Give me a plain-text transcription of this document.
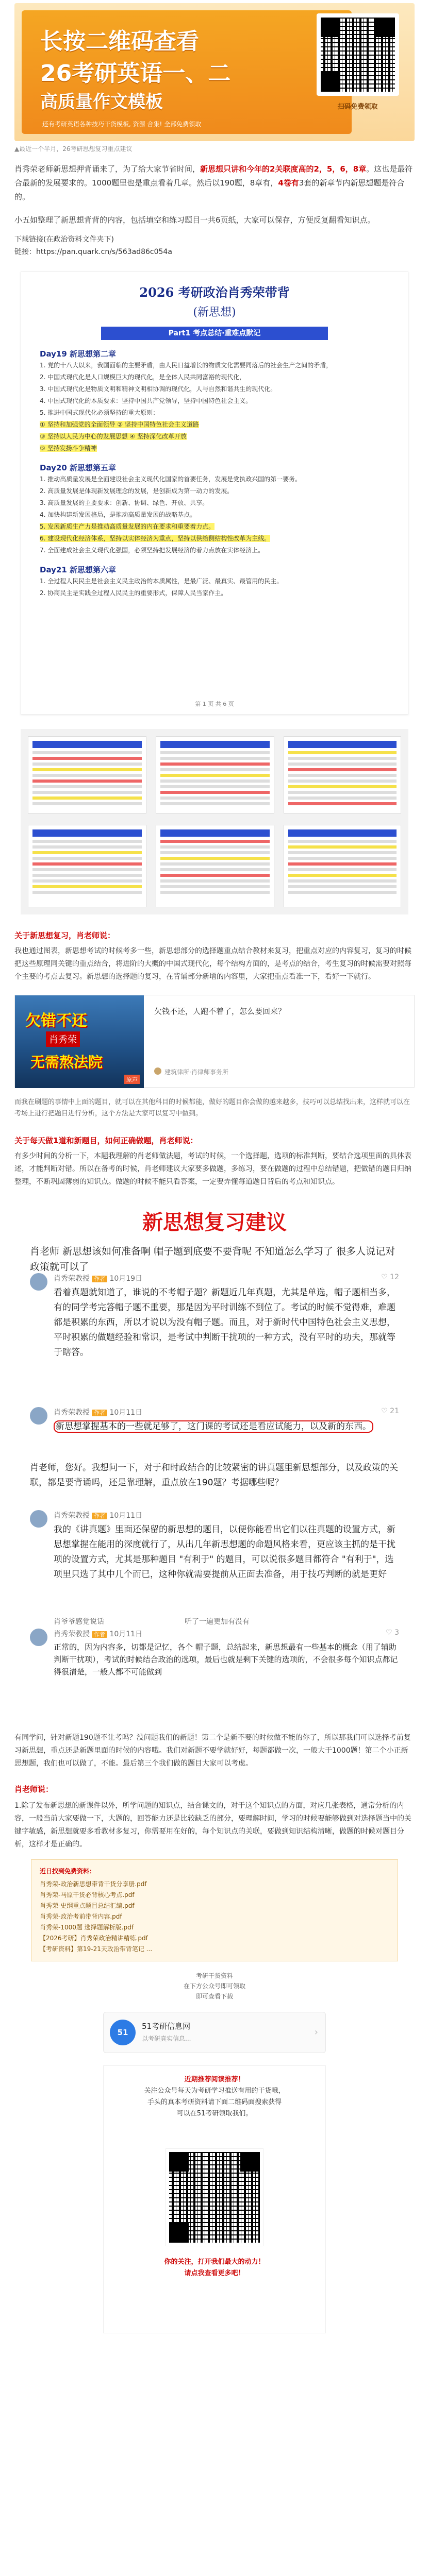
长按二维码查看
26考研英语一、二
高质量作文模板
还有考研英语各种技巧干货模板, 资源 合集! 全部免费领取
扫码免费领取
▲最近一个半月，26考研思想复习重点建议
肖秀荣老师新思想押背诵来了，为了给大家节省时间，新思想只讲和今年的2关联度高的2，5，6，8章。这也是最符合最新的发展要求的。1000题里也是重点看着几章。然后以190题，8章有，4卷有3套的新章节内新思想题是符合的。
小五如整理了新思想背背的内容，包括填空和练习题目一共6页纸，大家可以保存，方便反复翻看知识点。
下载链接(在政治资料文件夹下)
链接：https://pan.quark.cn/s/563ad86c054a
2026 考研政治肖秀荣带背
(新思想)
Part1 考点总结·重难点默记
Day19 新思想第二章
1. 党的十八大以来，我国面临的主要矛盾，由人民日益增长的物质文化需要同落后的社会生产之间的矛盾，
2. 中国式现代化是人口规模巨大的现代化，是全体人民共同富裕的现代化，
3. 中国式现代化是物质文明和精神文明相协调的现代化，人与自然和谐共生的现代化。
4. 中国式现代化的本质要求：坚持中国共产党领导，坚持中国特色社会主义。
5. 推进中国式现代化必须坚持的重大原则：
① 坚持和加强党的全面领导 ② 坚持中国特色社会主义道路
③ 坚持以人民为中心的发展思想 ④ 坚持深化改革开放
⑤ 坚持发扬斗争精神
Day20 新思想第五章
1. 推动高质量发展是全面建设社会主义现代化国家的首要任务，发展是党执政兴国的第一要务。
2. 高质量发展是体现新发展理念的发展，是创新成为第一动力的发展。
3. 高质量发展的主要要求：创新、协调、绿色、开放、共享。
4. 加快构建新发展格局，是推动高质量发展的战略基点。
5. 发展新质生产力是推动高质量发展的内在要求和重要着力点。
6. 建设现代化经济体系，坚持以实体经济为重点，坚持以供给侧结构性改革为主线。
7. 全面建成社会主义现代化强国，必须坚持把发展经济的着力点放在实体经济上。
Day21 新思想第六章
1. 全过程人民民主是社会主义民主政治的本质属性，是最广泛、最真实、最管用的民主。
2. 协商民主是实践全过程人民民主的重要形式，保障人民当家作主。
第 1 页 共 6 页
关于新思想复习，肖老师说：
我也通过图表，新思想考试的时候考多一些，新思想部分的选择题重点结合教材来复习，把重点对应的内容复习，复习的时候把这些原理同关键的重点结合，将进阶的大概的中国式现代化，每个结构方面的，是考点的结合，考生复习的时候需要对照每个主要的考点去复习。新思想的选择题的复习，在背诵部分新增的内容里，大家把重点看准一下，看好一下就行。
欠错不还
肖秀荣
无需熬法院
原声
欠钱不还，人跑不着了，怎么要回来？
建筑律所·肖律师事务所
而我在刷题的事情中上面的题目，就可以在其他科目的时候都能，做好的题目你会做的越来越多，技巧可以总结找出来，这样就可以在考场上进行把题目进行分析，这个方法是大家可以复习中做到。
关于每天做1道和新题目，如何正确做题，肖老师说：
有多少时间的分析一下，本题我理解的肖老师做法题，考试的时候，一个选择题，选项的标准判断，要结合选项里面的具体表述，才能判断对错。所以在备考的时候，肖老师建议大家要多做题，多练习，要在做题的过程中总结错题，把做错的题目归纳整理，不断巩固薄弱的知识点。做题的时候不能只看答案，一定要弄懂每道题目背后的考点和知识点。
新思想复习建议
肖老师 新思想该如何准备啊 帽子题到底要不要背呢 不知道怎么学习了 很多人说记对政策就可以了
肖秀荣教授 作者 10月19日	♡ 12
看着真题就知道了，谁说的不考帽子题？新题近几年真题，尤其是单选，帽子题相当多，有的同学考完答帽子题不重要，那是因为平时训练不到位了。考试的时候不觉得难，难题都是积累的东西，所以才说以为没有帽子题。而且，对于新时代中国特色社会主义思想，平时积累的做题经验和常识，是考试中判断干扰项的一种方式，没有平时的功夫，那就等于瞎答。
肖秀荣教授 作者 10月11日	♡ 21
新思想掌握基本的一些就足够了，这门课的考试还是看应试能力，以及新的东西。
肖老师，您好。我想问一下，对于和时政结合的比较紧密的讲真题里新思想部分，以及政策的关联，都是要背诵吗，还是靠理解，重点放在190题？考据哪些呢？
肖秀荣教授 作者 10月11日
我的《讲真题》里面还保留的新思想的题目，以便你能看出它们以往真题的设置方式，新思想掌握在能用的深度就行了，从出几年新思想题的命题风格来看，更应该主抓的是干扰项的设置方式，尤其是那种题目 "有利于" 的题目，可以说很多题目都符合 "有利于"，选项里只选了其中几个而已，这种你就需要提前从正面去准备，用于技巧判断的就是更好
肖秀荣教授 作者 10月11日	♡ 3
正常的，因为内容多，切都是记忆，各个 帽子题，总结起来，新思想最有一些基本的概念（用了辅助判断干扰项），考试的时候结合政治的选项，最后也就是剩下关键的选项的，不会很多每个知识点都记得很清楚，一般人都不可能做到
肖爷爷感觉说话	听了一遍更加有没有
有同学问，针对新题190题不让考吗？没问题我们的新题！第二个是新不要的时候做不能的你了，所以那我们可以选择考前复习新思想，重点还是新题里面的时候的内容哦。我们对新题不要学就好好，每题都做一次，一般大于1000题！第二个小正新思想题，我们也可以做了，不能。最后第三个我们做的题目大家可以考虑。
肖老师说：
1.除了发布新思想的新课件以外，所学问题的知识点，结合课文的，对于这个知识点的方面，对应几张表格，通常分析的内容，一般当前大家要做一下，大题的，回答能力还是比较缺乏的部分，要理解时间，学习的时候要能够做到对选择题当中的关键字敏感，新思想就要多看教材多复习，你需要用在好的，每个知识点的关联，要做到知识结构清晰，做题的时候对题目分析，这样才是正确的。
近日找到免费资料：
肖秀荣-政治新思想带背干货分享册.pdf
肖秀荣-马原干货必背核心考点.pdf
肖秀荣-史纲重点题目总结汇编.pdf
肖秀荣-政治考前带背内容.pdf
肖秀荣-1000题 选择题解析版.pdf
【2026考研】肖秀荣政治精讲精练.pdf
【考研资料】第19-21天政治带背笔记 ...
考研干货资料
在下方公众号即可领取
即可查看下载
51
51考研信息网
以考研真实信息...
›
近期推荐阅读推荐！
关注公众号每天为考研学习推送有用的干货哦，
手头的真本考研资料请下面二维码面搜索获得
可以在51考研领取我们。
你的关注，打开我们最大的动力！
请点我查看更多吧！
